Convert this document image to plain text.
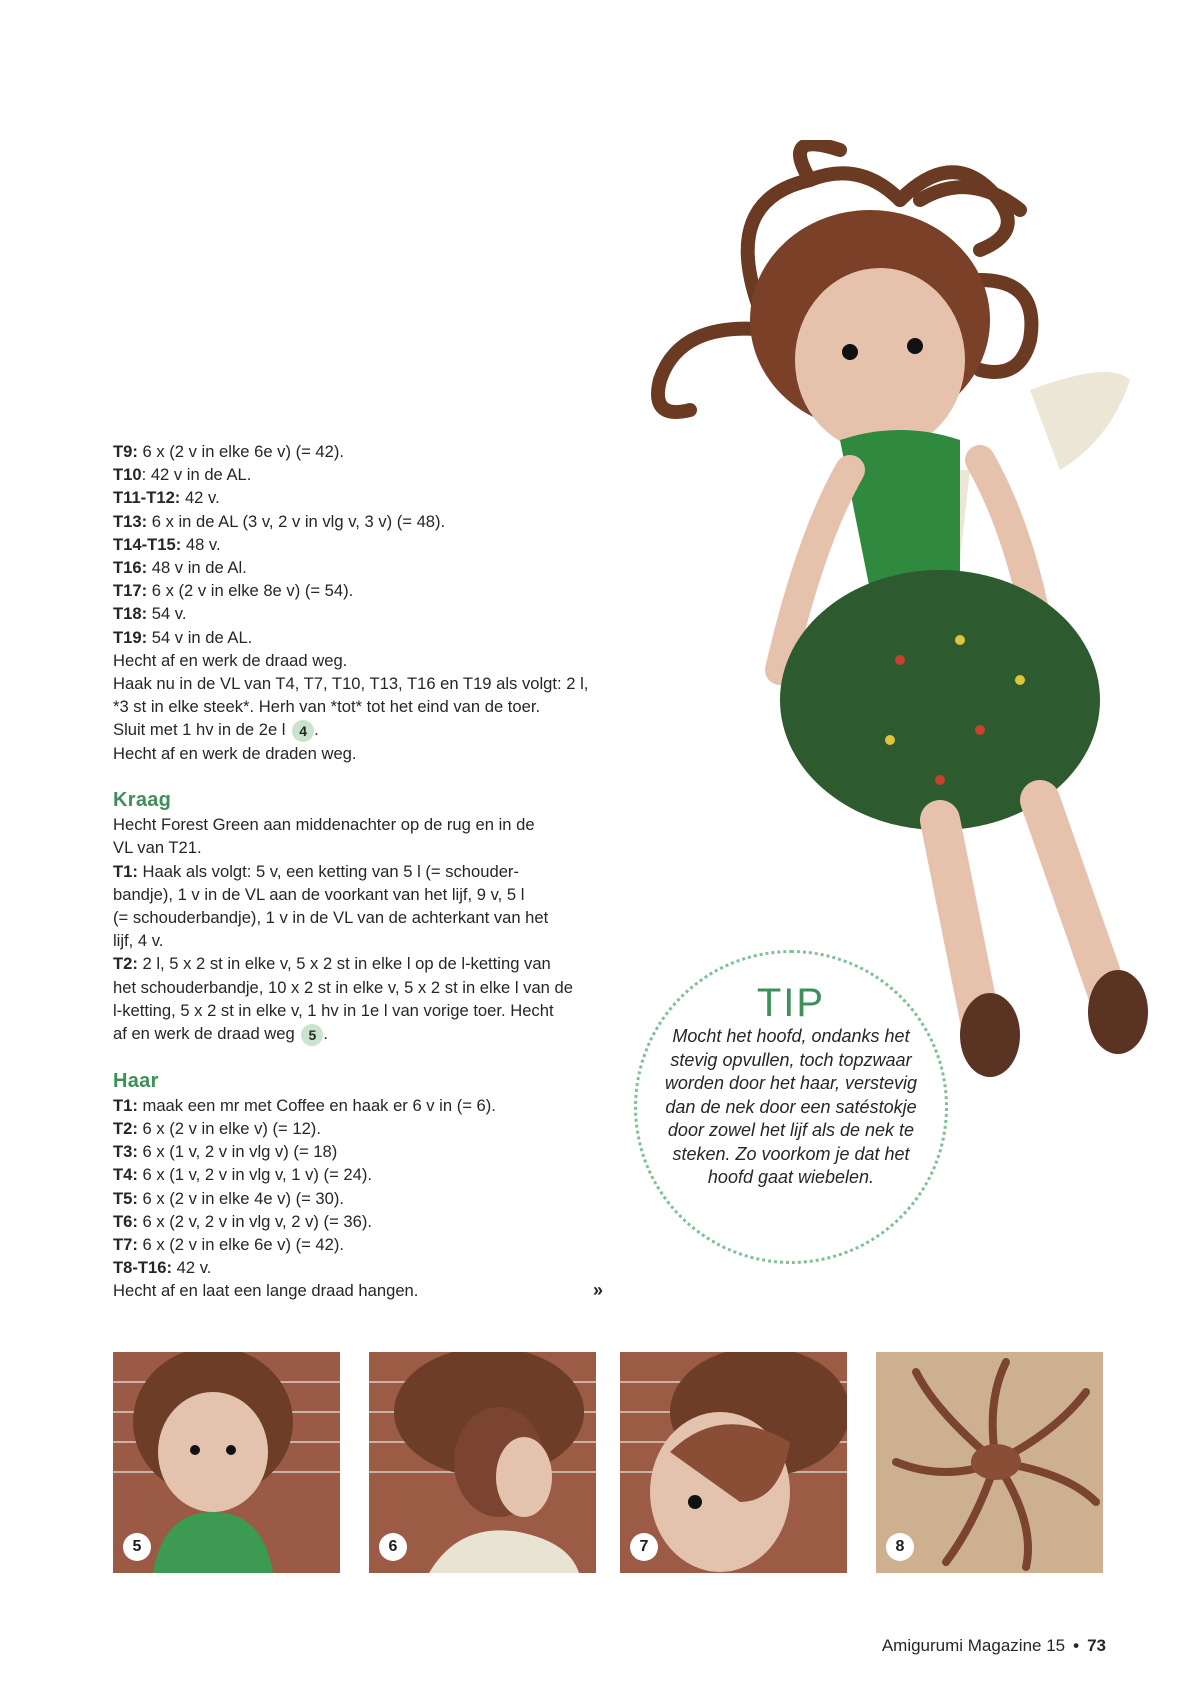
T9: 6 x (2 v in elke 6e v) (= 42).
T10: 42 v in de AL.
T11-T12: 42 v.
T13: 6 x in de AL (3 v, 2 v in vlg v, 3 v) (= 48).
T14-T15: 48 v.
T16: 48 v in de Al.
T17: 6 x (2 v in elke 8e v) (= 54).
T18: 54 v.
T19: 54 v in de AL.
Hecht af en werk de draad weg.
Haak nu in de VL van T4, T7, T10, T13, T16 en T19 als volgt: 2 l,
*3 st in elke steek*. Herh van *tot* tot het eind van de toer.
Sluit met 1 hv in de 2e l 4 .
Hecht af en werk de draden weg.
Kraag
Hecht Forest Green aan middenachter op de rug en in de
VL van T21.
T1: Haak als volgt: 5 v, een ketting van 5 l (= schouder-
bandje), 1 v in de VL aan de voorkant van het lijf, 9 v, 5 l
(= schouderbandje), 1 v in de VL van de achterkant van het
lijf, 4 v.
T2: 2 l, 5 x 2 st in elke v, 5 x 2 st in elke l op de l-ketting van
het schouderbandje, 10 x 2 st in elke v, 5 x 2 st in elke l van de
l-ketting, 5 x 2 st in elke v, 1 hv in 1e l van vorige toer. Hecht
af en werk de draad weg 5 .
Haar
T1: maak een mr met Coffee en haak er 6 v in (= 6).
T2: 6 x (2 v in elke v) (= 12).
T3: 6 x (1 v, 2 v in vlg v) (= 18)
T4: 6 x (1 v, 2 v in vlg v, 1 v) (= 24).
T5: 6 x (2 v in elke 4e v) (= 30).
T6: 6 x (2 v, 2 v in vlg v, 2 v) (= 36).
T7: 6 x (2 v in elke 6e v) (= 42).
T8-T16: 42 v.
Hecht af en laat een lange draad hangen.	»
TIP
Mocht het hoofd, ondanks het stevig opvullen, toch topzwaar worden door het haar, verstevig dan de nek door een satéstokje door zowel het lijf als de nek te steken. Zo voorkom je dat het hoofd gaat wiebelen.
5	6	7	8
Amigurumi Magazine 15 • 73
